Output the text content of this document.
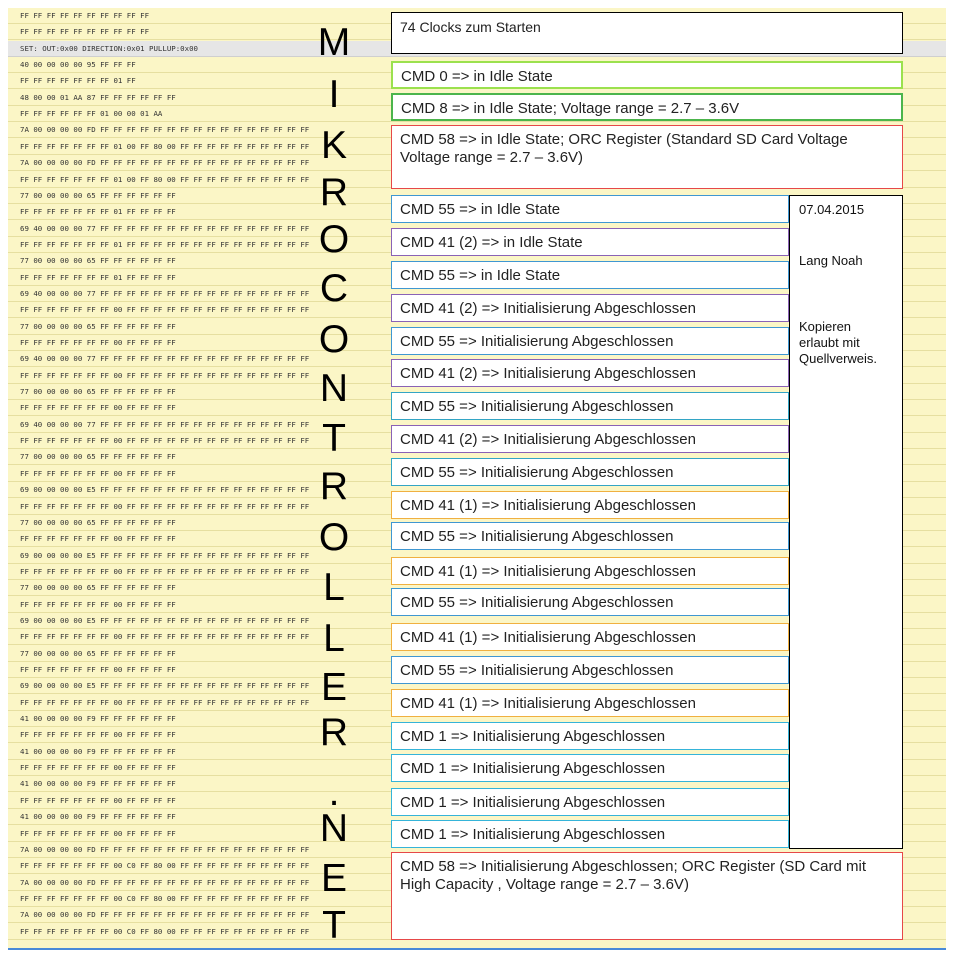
FF FF FF FF FF FF FF FF FF FF
FF FF FF FF FF FF FF FF FF FF
SET: OUT:0x00 DIRECTION:0x01 PULLUP:0x00
40 00 00 00 00 95 FF FF FF
FF FF FF FF FF FF FF 01 FF
48 00 00 01 AA 87 FF FF FF FF FF FF
FF FF FF FF FF FF 01 00 00 01 AA
7A 00 00 00 00 FD FF FF FF FF FF FF FF FF FF FF FF FF FF FF FF FF
FF FF FF FF FF FF FF 01 00 FF 80 00 FF FF FF FF FF FF FF FF FF FF
7A 00 00 00 00 FD FF FF FF FF FF FF FF FF FF FF FF FF FF FF FF FF
FF FF FF FF FF FF FF 01 00 FF 80 00 FF FF FF FF FF FF FF FF FF FF
77 00 00 00 00 65 FF FF FF FF FF FF
FF FF FF FF FF FF FF 01 FF FF FF FF
69 40 00 00 00 77 FF FF FF FF FF FF FF FF FF FF FF FF FF FF FF FF
FF FF FF FF FF FF FF 01 FF FF FF FF FF FF FF FF FF FF FF FF FF FF
77 00 00 00 00 65 FF FF FF FF FF FF
FF FF FF FF FF FF FF 01 FF FF FF FF
69 40 00 00 00 77 FF FF FF FF FF FF FF FF FF FF FF FF FF FF FF FF
FF FF FF FF FF FF FF 00 FF FF FF FF FF FF FF FF FF FF FF FF FF FF
77 00 00 00 00 65 FF FF FF FF FF FF
FF FF FF FF FF FF FF 00 FF FF FF FF
69 40 00 00 00 77 FF FF FF FF FF FF FF FF FF FF FF FF FF FF FF FF
FF FF FF FF FF FF FF 00 FF FF FF FF FF FF FF FF FF FF FF FF FF FF
77 00 00 00 00 65 FF FF FF FF FF FF
FF FF FF FF FF FF FF 00 FF FF FF FF
69 40 00 00 00 77 FF FF FF FF FF FF FF FF FF FF FF FF FF FF FF FF
FF FF FF FF FF FF FF 00 FF FF FF FF FF FF FF FF FF FF FF FF FF FF
77 00 00 00 00 65 FF FF FF FF FF FF
FF FF FF FF FF FF FF 00 FF FF FF FF
69 00 00 00 00 E5 FF FF FF FF FF FF FF FF FF FF FF FF FF FF FF FF
FF FF FF FF FF FF FF 00 FF FF FF FF FF FF FF FF FF FF FF FF FF FF
77 00 00 00 00 65 FF FF FF FF FF FF
FF FF FF FF FF FF FF 00 FF FF FF FF
69 00 00 00 00 E5 FF FF FF FF FF FF FF FF FF FF FF FF FF FF FF FF
FF FF FF FF FF FF FF 00 FF FF FF FF FF FF FF FF FF FF FF FF FF FF
77 00 00 00 00 65 FF FF FF FF FF FF
FF FF FF FF FF FF FF 00 FF FF FF FF
69 00 00 00 00 E5 FF FF FF FF FF FF FF FF FF FF FF FF FF FF FF FF
FF FF FF FF FF FF FF 00 FF FF FF FF FF FF FF FF FF FF FF FF FF FF
77 00 00 00 00 65 FF FF FF FF FF FF
FF FF FF FF FF FF FF 00 FF FF FF FF
69 00 00 00 00 E5 FF FF FF FF FF FF FF FF FF FF FF FF FF FF FF FF
FF FF FF FF FF FF FF 00 FF FF FF FF FF FF FF FF FF FF FF FF FF FF
41 00 00 00 00 F9 FF FF FF FF FF FF
FF FF FF FF FF FF FF 00 FF FF FF FF
41 00 00 00 00 F9 FF FF FF FF FF FF
FF FF FF FF FF FF FF 00 FF FF FF FF
41 00 00 00 00 F9 FF FF FF FF FF FF
FF FF FF FF FF FF FF 00 FF FF FF FF
41 00 00 00 00 F9 FF FF FF FF FF FF
FF FF FF FF FF FF FF 00 FF FF FF FF
7A 00 00 00 00 FD FF FF FF FF FF FF FF FF FF FF FF FF FF FF FF FF
FF FF FF FF FF FF FF 00 C0 FF 80 00 FF FF FF FF FF FF FF FF FF FF
7A 00 00 00 00 FD FF FF FF FF FF FF FF FF FF FF FF FF FF FF FF FF
FF FF FF FF FF FF FF 00 C0 FF 80 00 FF FF FF FF FF FF FF FF FF FF
7A 00 00 00 00 FD FF FF FF FF FF FF FF FF FF FF FF FF FF FF FF FF
FF FF FF FF FF FF FF 00 C0 FF 80 00 FF FF FF FF FF FF FF FF FF FF
M
I
K
R
O
C
O
N
T
R
O
L
L
E
R
.
N
E
T
74 Clocks zum Starten
CMD 0 => in Idle State
CMD 8 => in Idle State; Voltage range = 2.7 – 3.6V
CMD 58 => in Idle State; ORC Register (Standard SD Card Voltage Voltage range = 2.7 – 3.6V)
CMD 55 => in Idle State
CMD 41 (2) => in Idle State
CMD 55 => in Idle State
CMD 41 (2) => Initialisierung Abgeschlossen
CMD 55 => Initialisierung Abgeschlossen
CMD 41 (2) => Initialisierung Abgeschlossen
CMD 55 => Initialisierung Abgeschlossen
CMD 41 (2) => Initialisierung Abgeschlossen
CMD 55 => Initialisierung Abgeschlossen
CMD 41 (1) => Initialisierung Abgeschlossen
CMD 55 => Initialisierung Abgeschlossen
CMD 41 (1) => Initialisierung Abgeschlossen
CMD 55 => Initialisierung Abgeschlossen
CMD 41 (1) => Initialisierung Abgeschlossen
CMD 55 => Initialisierung Abgeschlossen
CMD 41 (1) => Initialisierung Abgeschlossen
CMD 1 => Initialisierung Abgeschlossen
CMD 1 => Initialisierung Abgeschlossen
CMD 1 => Initialisierung Abgeschlossen
CMD 1 => Initialisierung Abgeschlossen
CMD 58 => Initialisierung Abgeschlossen; ORC Register (SD Card mit High Capacity , Voltage range = 2.7 – 3.6V)
07.04.2015
Lang Noah
Kopieren erlaubt mit Quellverweis.
